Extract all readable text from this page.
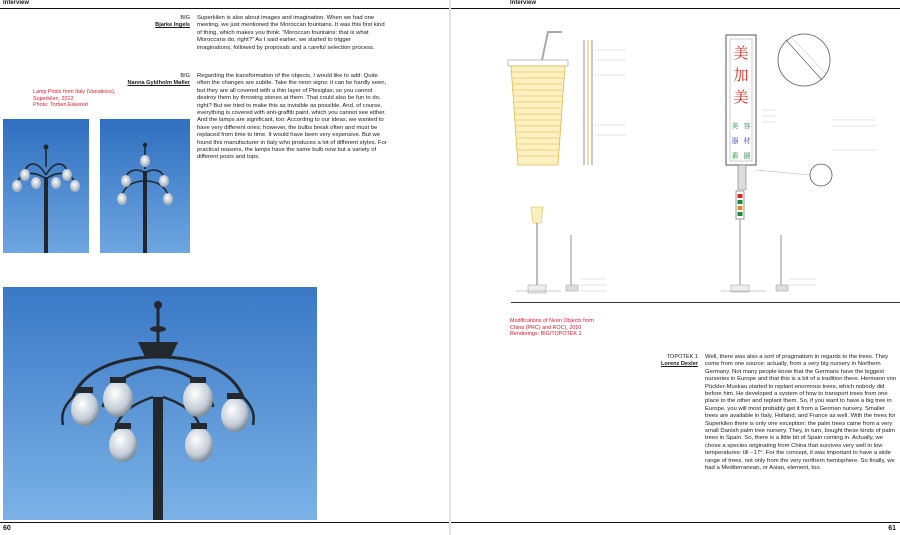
Interview
BIG
Bjarke Ingels
Superkilen is also about images and imagination. When we had one meeting, we just mentioned the Moroccan fountains. It was this first kind of thing, which makes you think: “Moroccan fountains: that is what Moroccans do, right?” As I said earlier, we started to trigger imaginations, followed by proposals and a careful selection process.
BIG
Nanna Gyldholm Møller
Regarding the transformation of the objects, I would like to add: Quite often the changes are subtle. Take the neon signs: it can be hardly seen, but they are all covered with a thin layer of Plexiglas; so you cannot destroy them by throwing stones at them. That could also be fun to do, right? But we tried to make this as invisible as possible. And, of course, everything is covered with anti-graffiti paint, which you cannot see either. And the lamps are significant, too: According to our ideas, we wanted to have very different ones; however, the bulbs break often and must be replaced from time to time. It would have been very expensive. But we found this manufacturer in Italy who produces a lot of different styles. For practical reasons, the lamps have the same bulb now but a variety of different posts and tops.
Lamp Posts from Italy (Variations),
Superkilen, 2012
Photo: Torben Eskerod
60
Interview
美
加
美
美 容
器 材
素 園
Modifications of Neon Objects from
China (PRC) and ROC), 2010
Renderings: BIG/TOPOTEK 1
TOPOTEK 1
Lorenz Dexler
Well, there was also a sort of pragmatism in regards to the trees. They come from one source: actually, from a very big nursery in Northern Germany. Not many people know that the Germans have the biggest nurseries in Europe and that this is a bit of a tradition there. Hermann von Pückler-Muskau started to replant enormous trees, which nobody did before him. He developed a system of how to transport trees from one place to the other and replant them. So, if you want to have a big tree in Europe, you will most probably get it from a German nursery. Smaller trees are available in Italy, Holland, and France as well. With the trees for Superkilen there is only one exception: the palm trees came from a very small Danish palm tree nursery. They, in turn, bought these kinds of palm trees in Spain. So, there is a little bit of Spain coming in. Actually, we chose a species originating from China that survives very well in low temperatures: till −17°. For the concept, it was important to have a wide range of trees, not only from the very northern hemisphere. So finally, we had a Mediterranean, or Asian, element, too.
61
